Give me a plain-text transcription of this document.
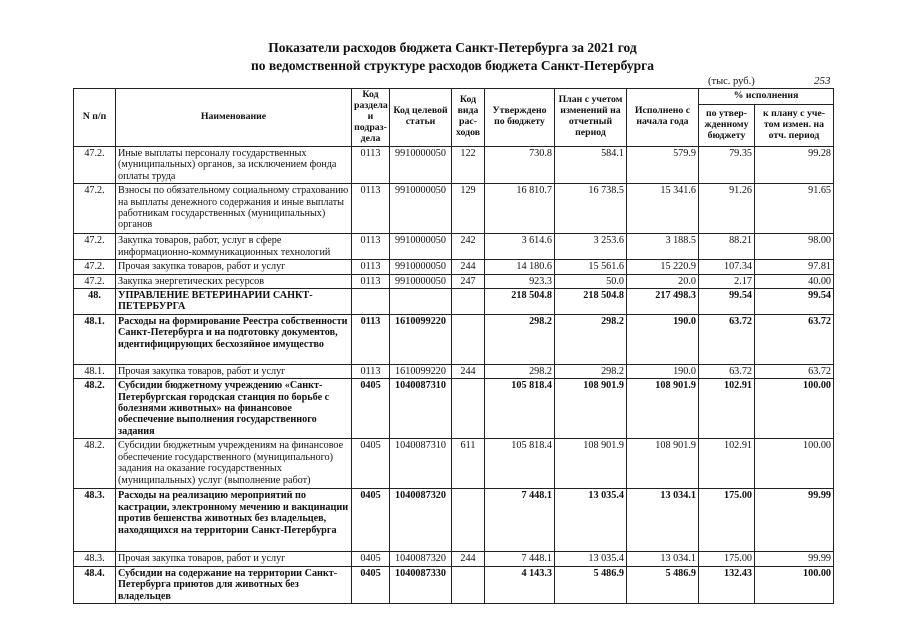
Показатели расходов бюджета Санкт-Петербурга за 2021 год
по ведомственной структуре расходов бюджета Санкт-Петербурга
(тыс. руб.)	253
N п/п	Наименование	Код раздела и подраз-дела	Код целевой статьи	Код вида рас-ходов	Утверждено по бюджету	План с учетом изменений на отчетный период	Исполнено с начала года	% исполнения	
								по утвер-жденному бюджету	к плану с уче-том измен. на отч. период
47.2.	Иные выплаты персоналу государственных (муниципальных) органов, за исключением фонда оплаты труда	0113	9910000050	122	730.8	584.1	579.9	79.35	99.28
47.2.	Взносы по обязательному социальному страхованию на выплаты денежного содержания и иные выплаты работникам государственных (муниципальных) органов	0113	9910000050	129	16 810.7	16 738.5	15 341.6	91.26	91.65
47.2.	Закупка товаров, работ, услуг в сфере информационно-коммуникационных технологий	0113	9910000050	242	3 614.6	3 253.6	3 188.5	88.21	98.00
47.2.	Прочая закупка товаров, работ и услуг	0113	9910000050	244	14 180.6	15 561.6	15 220.9	107.34	97.81
47.2.	Закупка энергетических ресурсов	0113	9910000050	247	923.3	50.0	20.0	2.17	40.00
48.	УПРАВЛЕНИЕ ВЕТЕРИНАРИИ САНКТ-ПЕТЕРБУРГА				218 504.8	218 504.8	217 498.3	99.54	99.54
48.1.	Расходы на формирование Реестра собственности Санкт-Петербурга и на подготовку документов, идентифицирующих бесхозяйное имущество	0113	1610099220		298.2	298.2	190.0	63.72	63.72
48.1.	Прочая закупка товаров, работ и услуг	0113	1610099220	244	298.2	298.2	190.0	63.72	63.72
48.2.	Субсидии бюджетному учреждению «Санкт-Петербургская городская станция по борьбе с болезнями животных» на финансовое обеспечение выполнения государственного задания	0405	1040087310		105 818.4	108 901.9	108 901.9	102.91	100.00
48.2.	Субсидии бюджетным учреждениям на финансовое обеспечение государственного (муниципального) задания на оказание государственных (муниципальных) услуг (выполнение работ)	0405	1040087310	611	105 818.4	108 901.9	108 901.9	102.91	100.00
48.3.	Расходы на реализацию мероприятий по кастрации, электронному мечению и вакцинации против бешенства животных без владельцев, находящихся на территории Санкт-Петербурга	0405	1040087320		7 448.1	13 035.4	13 034.1	175.00	99.99
48.3.	Прочая закупка товаров, работ и услуг	0405	1040087320	244	7 448.1	13 035.4	13 034.1	175.00	99.99
48.4.	Субсидии на содержание на территории Санкт-Петербурга приютов для животных без владельцев	0405	1040087330		4 143.3	5 486.9	5 486.9	132.43	100.00
